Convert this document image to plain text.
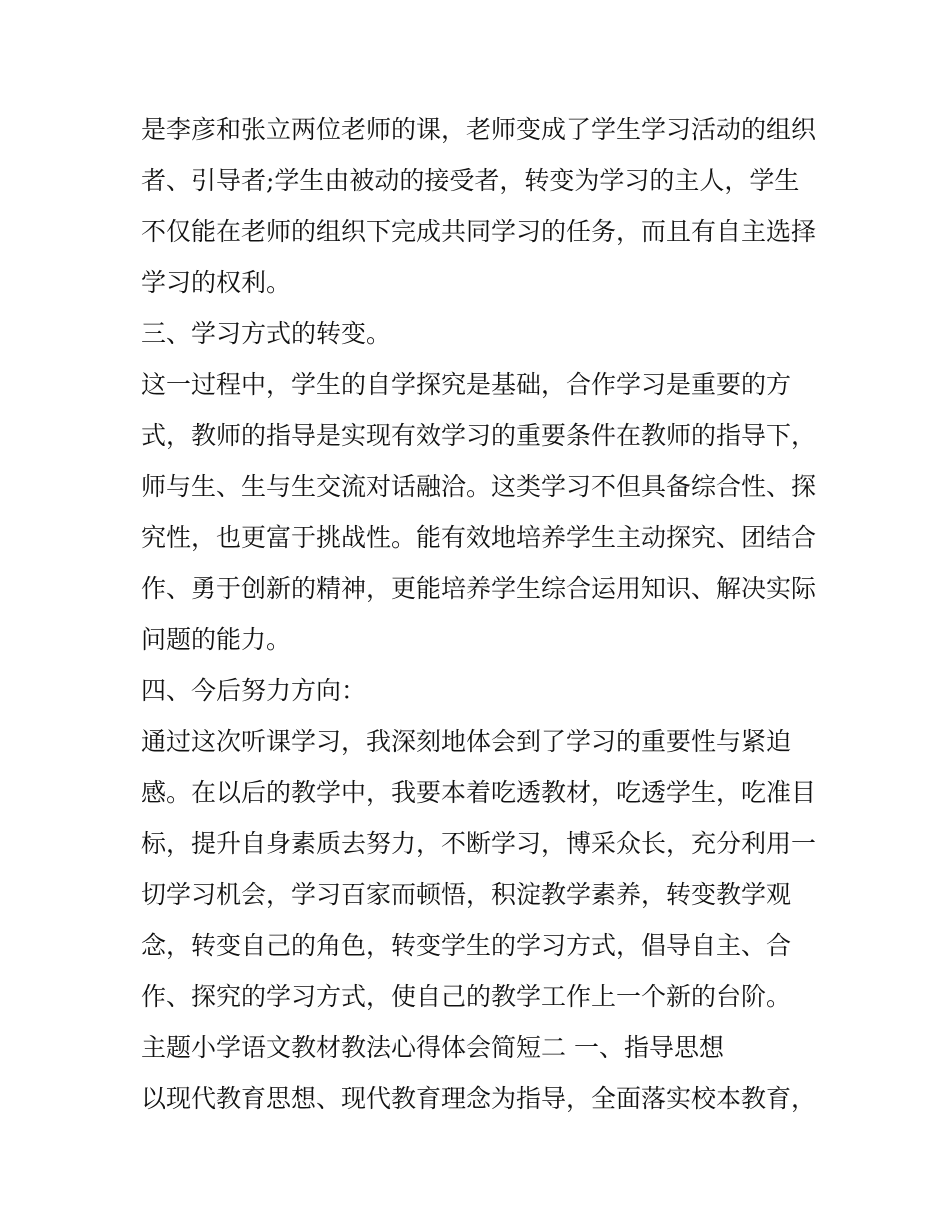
是李彦和张立两位老师的课，老师变成了学生学习活动的组织
者、引导者;学生由被动的接受者，转变为学习的主人，学生
不仅能在老师的组织下完成共同学习的任务，而且有自主选择
学习的权利。
三、学习方式的转变。
这一过程中，学生的自学探究是基础，合作学习是重要的方
式，教师的指导是实现有效学习的重要条件在教师的指导下，
师与生、生与生交流对话融洽。这类学习不但具备综合性、探
究性，也更富于挑战性。能有效地培养学生主动探究、团结合
作、勇于创新的精神，更能培养学生综合运用知识、解决实际
问题的能力。
四、今后努力方向：
通过这次听课学习，我深刻地体会到了学习的重要性与紧迫
感。在以后的教学中，我要本着吃透教材，吃透学生，吃准目
标，提升自身素质去努力，不断学习，博采众长，充分利用一
切学习机会，学习百家而顿悟，积淀教学素养，转变教学观
念，转变自己的角色，转变学生的学习方式，倡导自主、合
作、探究的学习方式，使自己的教学工作上一个新的台阶。
主题小学语文教材教法心得体会简短二 一、指导思想
以现代教育思想、现代教育理念为指导，全面落实校本教育，
